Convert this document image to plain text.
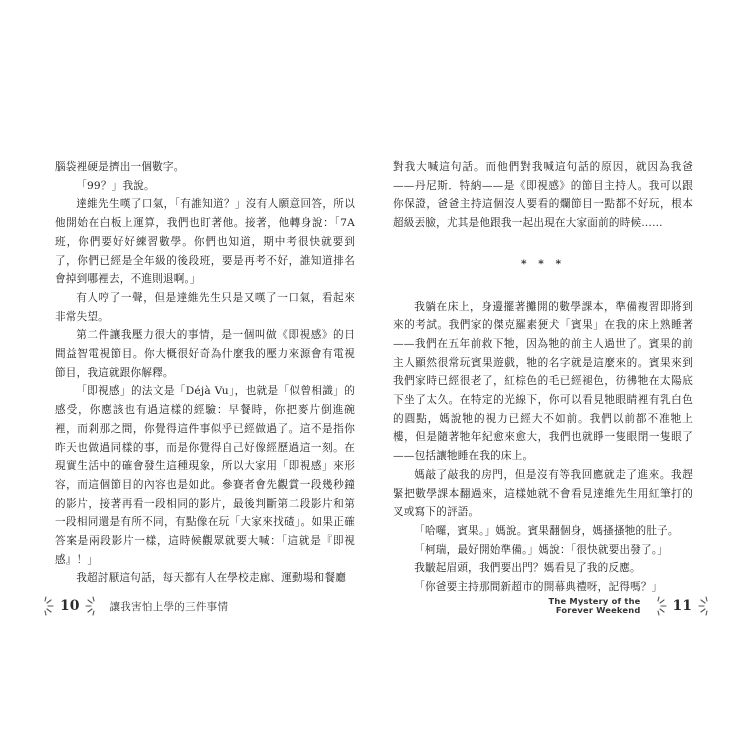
腦袋裡硬是擠出一個數字。

「99？」我說。

達維先生嘆了口氣，「有誰知道？」沒有人願意回答，所以他開始在白板上運算，我們也盯著他。接著，他轉身說：「7A班，你們要好好練習數學。你們也知道，期中考很快就要到了，你們已經是全年級的後段班，要是再考不好，誰知道排名會掉到哪裡去，不進則退啊。」

有人哼了一聲，但是達維先生只是又嘆了一口氣，看起來非常失望。

第二件讓我壓力很大的事情，是一個叫做《即視感》的日間益智電視節目。你大概很好奇為什麼我的壓力來源會有電視節目，我這就跟你解釋。

「即視感」的法文是「Déjà Vu」，也就是「似曾相識」的感受，你應該也有過這樣的經驗：早餐時，你把麥片倒進碗裡，而剎那之間，你覺得這件事似乎已經做過了。這不是指你昨天也做過同樣的事，而是你覺得自己好像經歷過這一刻。在現實生活中的確會發生這種現象，所以大家用「即視感」來形容，而這個節目的內容也是如此。參賽者會先觀賞一段幾秒鐘的影片，接著再看一段相同的影片，最後判斷第二段影片和第一段相同還是有所不同，有點像在玩「大家來找碴」。如果正確答案是兩段影片一樣，這時候觀眾就要大喊：「這就是『即視感』！」

我超討厭這句話，每天都有人在學校走廊、運動場和餐廳

10	讓我害怕上學的三件事情

對我大喊這句話。而他們對我喊這句話的原因，就因為我爸——丹尼斯．特納——是《即視感》的節目主持人。我可以跟你保證，爸爸主持這個沒人要看的爛節目一點都不好玩，根本超級丟臉，尤其是他跟我一起出現在大家面前的時候……

* * *

我躺在床上，身邊擺著攤開的數學課本，準備複習即將到來的考試。我們家的傑克羅素㹴犬「賓果」在我的床上熟睡著——我們在五年前救下牠，因為牠的前主人過世了。賓果的前主人顯然很常玩賓果遊戲，牠的名字就是這麼來的。賓果來到我們家時已經很老了，紅棕色的毛已經褪色，彷彿牠在太陽底下坐了太久。在特定的光線下，你可以看見牠眼睛裡有乳白色的圓點，媽說牠的視力已經大不如前。我們以前都不准牠上樓，但是隨著牠年紀愈來愈大，我們也就睜一隻眼閉一隻眼了——包括讓牠睡在我的床上。

媽敲了敲我的房門，但是沒有等我回應就走了進來。我趕緊把數學課本翻過來，這樣她就不會看見達維先生用紅筆打的叉或寫下的評語。

「哈囉，賓果。」媽說。賓果翻個身，媽搔搔牠的肚子。

「柯瑞，最好開始準備。」媽說：「很快就要出發了。」

我皺起眉頭，我們要出門？媽看見了我的反應。

「你爸要主持那間新超市的開幕典禮呀，記得嗎？」

The Mystery of the
Forever Weekend	11
